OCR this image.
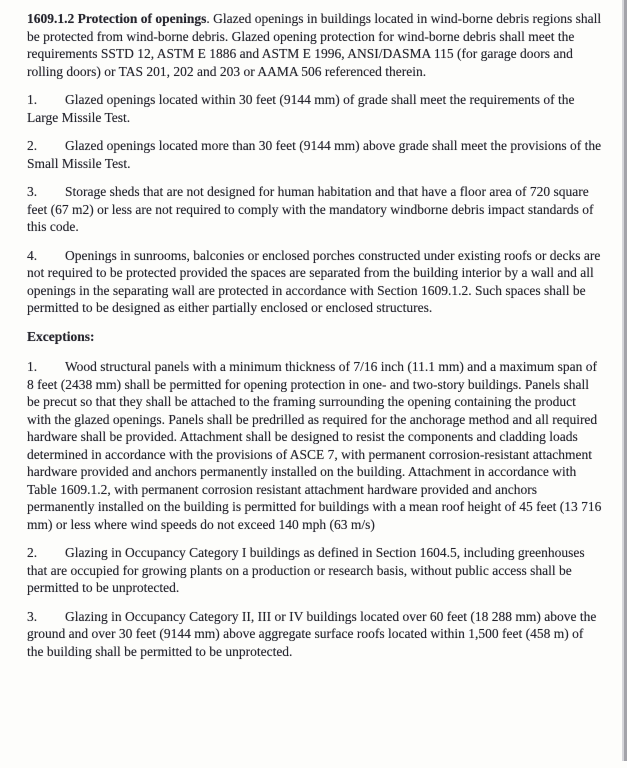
1609.1.2 Protection of openings. Glazed openings in buildings located in wind-borne debris regions shall be protected from wind-borne debris. Glazed opening protection for wind-borne debris shall meet the requirements SSTD 12, ASTM E 1886 and ASTM E 1996, ANSI/DASMA 115 (for garage doors and rolling doors) or TAS 201, 202 and 203 or AAMA 506 referenced therein.

1. Glazed openings located within 30 feet (9144 mm) of grade shall meet the requirements of the Large Missile Test.

2. Glazed openings located more than 30 feet (9144 mm) above grade shall meet the provisions of the Small Missile Test.

3. Storage sheds that are not designed for human habitation and that have a floor area of 720 square feet (67 m2) or less are not required to comply with the mandatory windborne debris impact standards of this code.

4. Openings in sunrooms, balconies or enclosed porches constructed under existing roofs or decks are not required to be protected provided the spaces are separated from the building interior by a wall and all openings in the separating wall are protected in accordance with Section 1609.1.2. Such spaces shall be permitted to be designed as either partially enclosed or enclosed structures.

Exceptions:

1. Wood structural panels with a minimum thickness of 7/16 inch (11.1 mm) and a maximum span of 8 feet (2438 mm) shall be permitted for opening protection in one- and two-story buildings. Panels shall be precut so that they shall be attached to the framing surrounding the opening containing the product with the glazed openings. Panels shall be predrilled as required for the anchorage method and all required hardware shall be provided. Attachment shall be designed to resist the components and cladding loads determined in accordance with the provisions of ASCE 7, with permanent corrosion-resistant attachment hardware provided and anchors permanently installed on the building. Attachment in accordance with Table 1609.1.2, with permanent corrosion resistant attachment hardware provided and anchors permanently installed on the building is permitted for buildings with a mean roof height of 45 feet (13 716 mm) or less where wind speeds do not exceed 140 mph (63 m/s)

2. Glazing in Occupancy Category I buildings as defined in Section 1604.5, including greenhouses that are occupied for growing plants on a production or research basis, without public access shall be permitted to be unprotected.

3. Glazing in Occupancy Category II, III or IV buildings located over 60 feet (18 288 mm) above the ground and over 30 feet (9144 mm) above aggregate surface roofs located within 1,500 feet (458 m) of the building shall be permitted to be unprotected.
